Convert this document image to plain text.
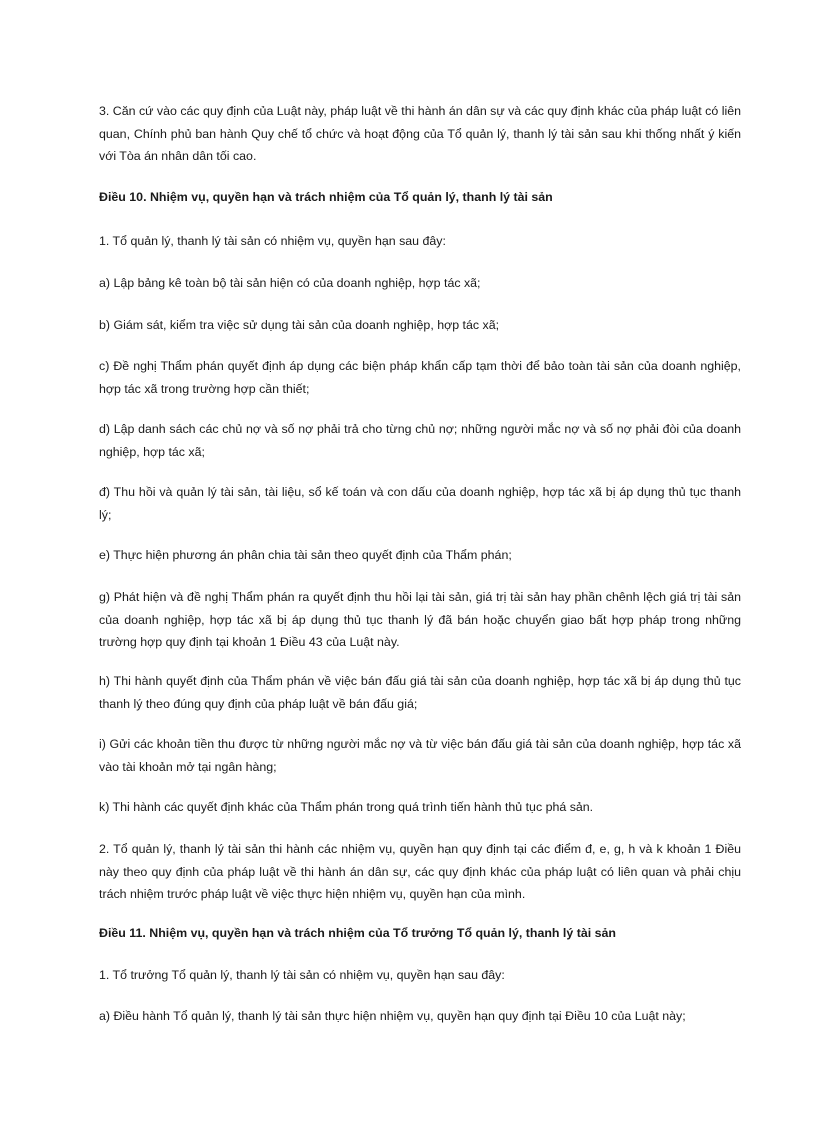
3. Căn cứ vào các quy định của Luật này, pháp luật về thi hành án dân sự và các quy định khác của pháp luật có liên quan, Chính phủ ban hành Quy chế tổ chức và hoạt động của Tổ quản lý, thanh lý tài sản sau khi thống nhất ý kiến với Tòa án nhân dân tối cao.

Điều 10. Nhiệm vụ, quyền hạn và trách nhiệm của Tổ quản lý, thanh lý tài sản

1. Tổ quản lý, thanh lý tài sản có nhiệm vụ, quyền hạn sau đây:

a) Lập bảng kê toàn bộ tài sản hiện có của doanh nghiệp, hợp tác xã;

b) Giám sát, kiểm tra việc sử dụng tài sản của doanh nghiệp, hợp tác xã;

c) Đề nghị Thẩm phán quyết định áp dụng các biện pháp khẩn cấp tạm thời để bảo toàn tài sản của doanh nghiệp, hợp tác xã trong trường hợp cần thiết;

d) Lập danh sách các chủ nợ và số nợ phải trả cho từng chủ nợ; những người mắc nợ và số nợ phải đòi của doanh nghiệp, hợp tác xã;

đ) Thu hồi và quản lý tài sản, tài liệu, sổ kế toán và con dấu của doanh nghiệp, hợp tác xã bị áp dụng thủ tục thanh lý;

e) Thực hiện phương án phân chia tài sản theo quyết định của Thẩm phán;

g) Phát hiện và đề nghị Thẩm phán ra quyết định thu hồi lại tài sản, giá trị tài sản hay phần chênh lệch giá trị tài sản của doanh nghiệp, hợp tác xã bị áp dụng thủ tục thanh lý đã bán hoặc chuyển giao bất hợp pháp trong những trường hợp quy định tại khoản 1 Điều 43 của Luật này.

h) Thi hành quyết định của Thẩm phán về việc bán đấu giá tài sản của doanh nghiệp, hợp tác xã bị áp dụng thủ tục thanh lý theo đúng quy định của pháp luật về bán đấu giá;

i) Gửi các khoản tiền thu được từ những người mắc nợ và từ việc bán đấu giá tài sản của doanh nghiệp, hợp tác xã vào tài khoản mở tại ngân hàng;

k) Thi hành các quyết định khác của Thẩm phán trong quá trình tiến hành thủ tục phá sản.

2. Tổ quản lý, thanh lý tài sản thi hành các nhiệm vụ, quyền hạn quy định tại các điểm đ, e, g, h và k khoản 1 Điều này theo quy định của pháp luật về thi hành án dân sự, các quy định khác của pháp luật có liên quan và phải chịu trách nhiệm trước pháp luật về việc thực hiện nhiệm vụ, quyền hạn của mình.

Điều 11. Nhiệm vụ, quyền hạn và trách nhiệm của Tổ trưởng Tổ quản lý, thanh lý tài sản

1. Tổ trưởng Tổ quản lý, thanh lý tài sản có nhiệm vụ, quyền hạn sau đây:

a) Điều hành Tổ quản lý, thanh lý tài sản thực hiện nhiệm vụ, quyền hạn quy định tại Điều 10 của Luật này;
